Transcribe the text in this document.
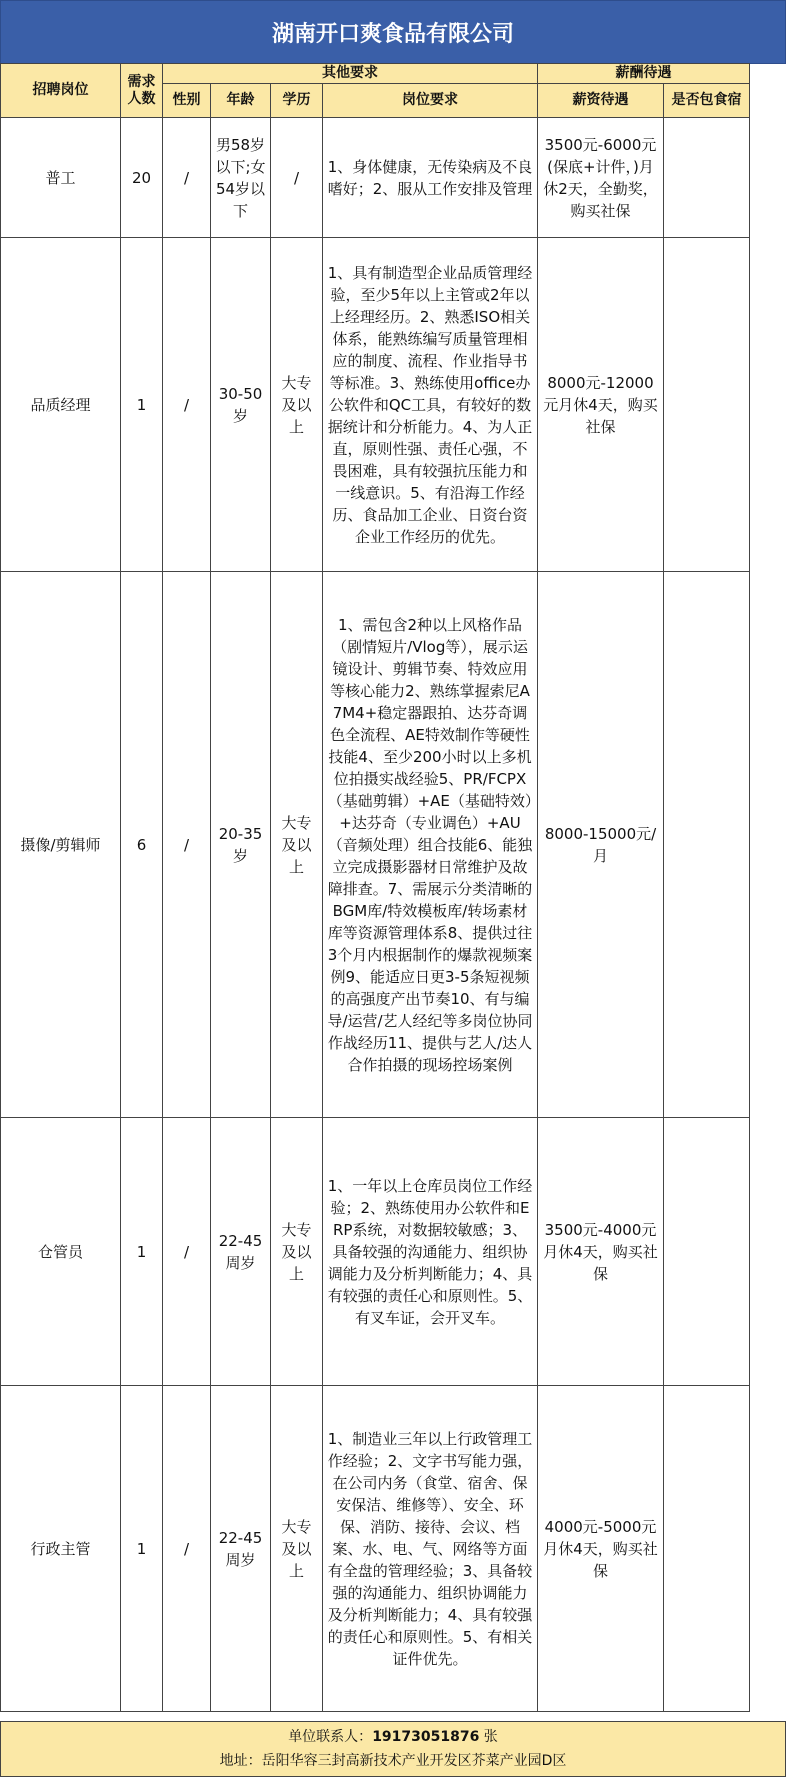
湖南开口爽食品有限公司
招聘岗位	需求人数	其他要求				薪酬待遇	
		性别	年龄	学历	岗位要求	薪资待遇	是否包食宿
普工	20	/	男58岁以下;女54岁以下	/	1、身体健康，无传染病及不良嗜好；2、服从工作安排及管理	3500元-6000元(保底+计件，)月休2天，全勤奖，购买社保	
品质经理	1	/	30-50岁	大专及以上	1、具有制造型企业品质管理经验，至少5年以上主管或2年以上经理经历。2、熟悉ISO相关体系，能熟练编写质量管理相应的制度、流程、作业指导书等标准。3、熟练使用office办公软件和QC工具，有较好的数据统计和分析能力。4、为人正直，原则性强、责任心强，不畏困难，具有较强抗压能力和一线意识。5、有沿海工作经历、食品加工企业、日资台资企业工作经历的优先。	8000元-12000元月休4天，购买社保	
摄像/剪辑师	6	/	20-35岁	大专及以上	1、需包含2种以上风格作品（剧情短片/Vlog等），展示运镜设计、剪辑节奏、特效应用等核心能力2、熟练掌握索尼A7M4+稳定器跟拍、达芬奇调色全流程、AE特效制作等硬性技能4、至少200小时以上多机位拍摄实战经验5、PR/FCPX（基础剪辑）+AE（基础特效）+达芬奇（专业调色）+AU（音频处理）组合技能6、能独立完成摄影器材日常维护及故障排查。7、需展示分类清晰的BGM库/特效模板库/转场素材库等资源管理体系8、提供过往3个月内根据制作的爆款视频案例9、能适应日更3-5条短视频的高强度产出节奏10、有与编导/运营/艺人经纪等多岗位协同作战经历11、提供与艺人/达人合作拍摄的现场控场案例	8000-15000元/月	
仓管员	1	/	22-45周岁	大专及以上	1、一年以上仓库员岗位工作经验；2、熟练使用办公软件和ERP系统，对数据较敏感；3、具备较强的沟通能力、组织协调能力及分析判断能力；4、具有较强的责任心和原则性。5、有叉车证，会开叉车。	3500元-4000元月休4天，购买社保	
行政主管	1	/	22-45周岁	大专及以上	1、制造业三年以上行政管理工作经验；2、文字书写能力强，在公司内务（食堂、宿舍、保安保洁、维修等）、安全、环保、消防、接待、会议、档案、水、电、气、网络等方面有全盘的管理经验；3、具备较强的沟通能力、组织协调能力及分析判断能力；4、具有较强的责任心和原则性。5、有相关证件优先。	4000元-5000元月休4天，购买社保	
单位联系人：19173051876 张
地址：岳阳华容三封高新技术产业开发区芥菜产业园D区
